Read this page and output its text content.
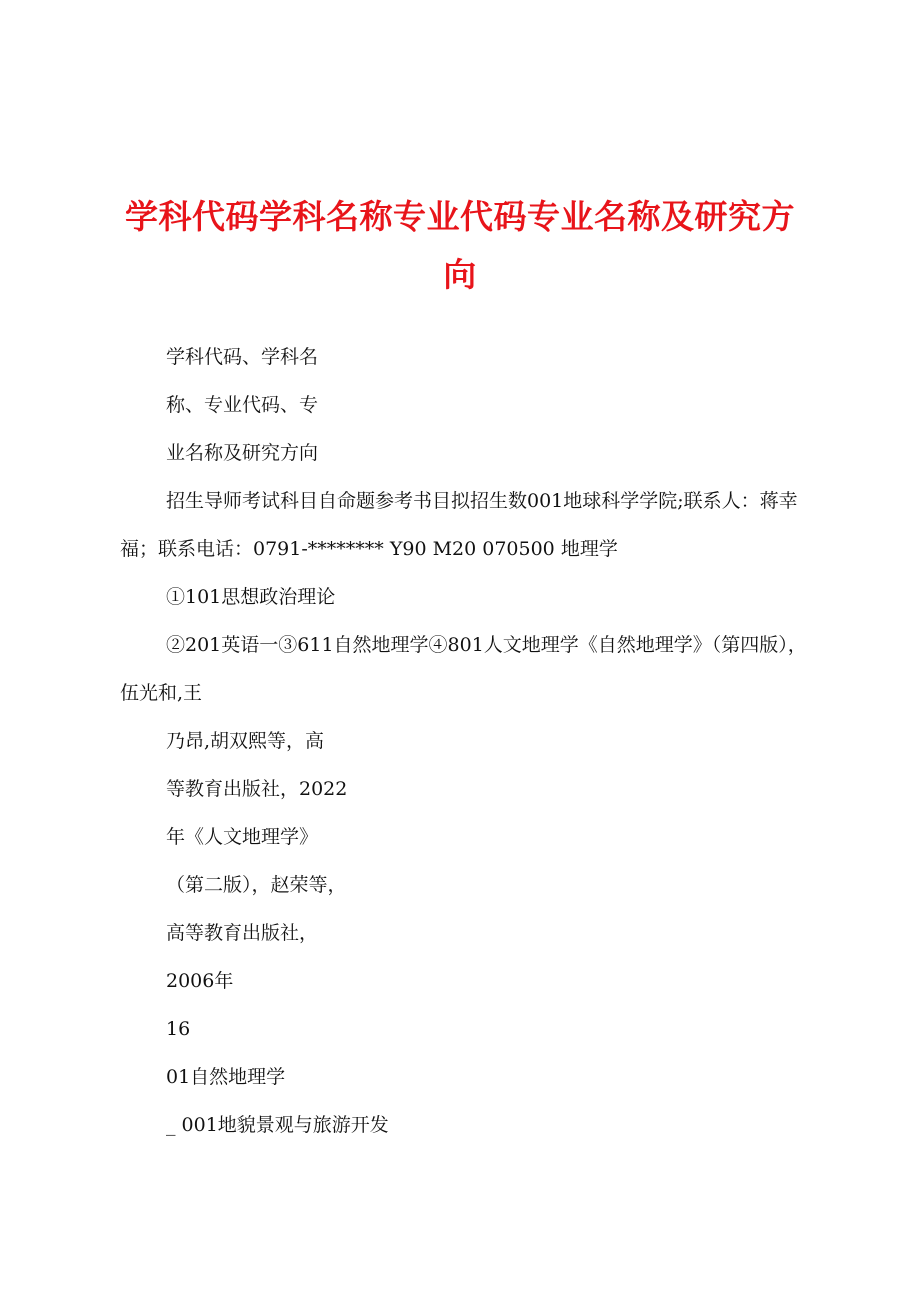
学科代码学科名称专业代码专业名称及研究方向

学科代码、学科名

称、专业代码、专

业名称及研究方向

招生导师考试科目自命题参考书目拟招生数001地球科学学院;联系人：蒋幸福；联系电话：0791-******** Y90 M20 070500 地理学

①101思想政治理论

②201英语一③611自然地理学④801人文地理学《自然地理学》（第四版），伍光和,王

乃昂,胡双熙等，高

等教育出版社，2022

年《人文地理学》

（第二版），赵荣等，

高等教育出版社，

2006年

16

01自然地理学

_ 001地貌景观与旅游开发
